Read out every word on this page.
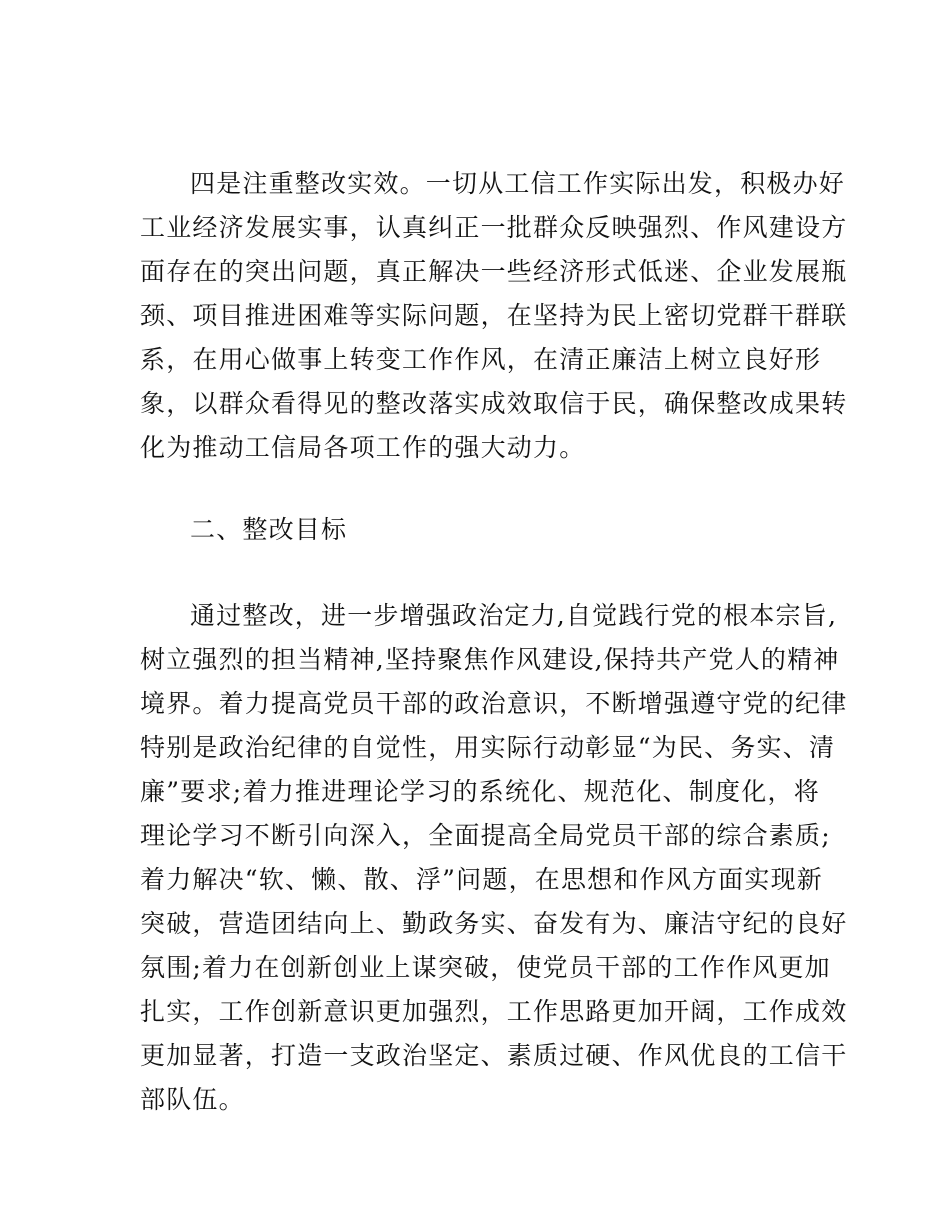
四是注重整改实效。一切从工信工作实际出发，积极办好
工业经济发展实事，认真纠正一批群众反映强烈、作风建设方
面存在的突出问题，真正解决一些经济形式低迷、企业发展瓶
颈、项目推进困难等实际问题，在坚持为民上密切党群干群联
系，在用心做事上转变工作作风，在清正廉洁上树立良好形
象，以群众看得见的整改落实成效取信于民，确保整改成果转
化为推动工信局各项工作的强大动力。
二、整改目标
通过整改，进一步增强政治定力,自觉践行党的根本宗旨,
树立强烈的担当精神,坚持聚焦作风建设,保持共产党人的精神
境界。着力提高党员干部的政治意识，不断增强遵守党的纪律
特别是政治纪律的自觉性，用实际行动彰显“为民、务实、清
廉”要求;着力推进理论学习的系统化、规范化、制度化，将
理论学习不断引向深入，全面提高全局党员干部的综合素质;
着力解决“软、懒、散、浮”问题，在思想和作风方面实现新
突破，营造团结向上、勤政务实、奋发有为、廉洁守纪的良好
氛围;着力在创新创业上谋突破，使党员干部的工作作风更加
扎实，工作创新意识更加强烈，工作思路更加开阔，工作成效
更加显著，打造一支政治坚定、素质过硬、作风优良的工信干
部队伍。
